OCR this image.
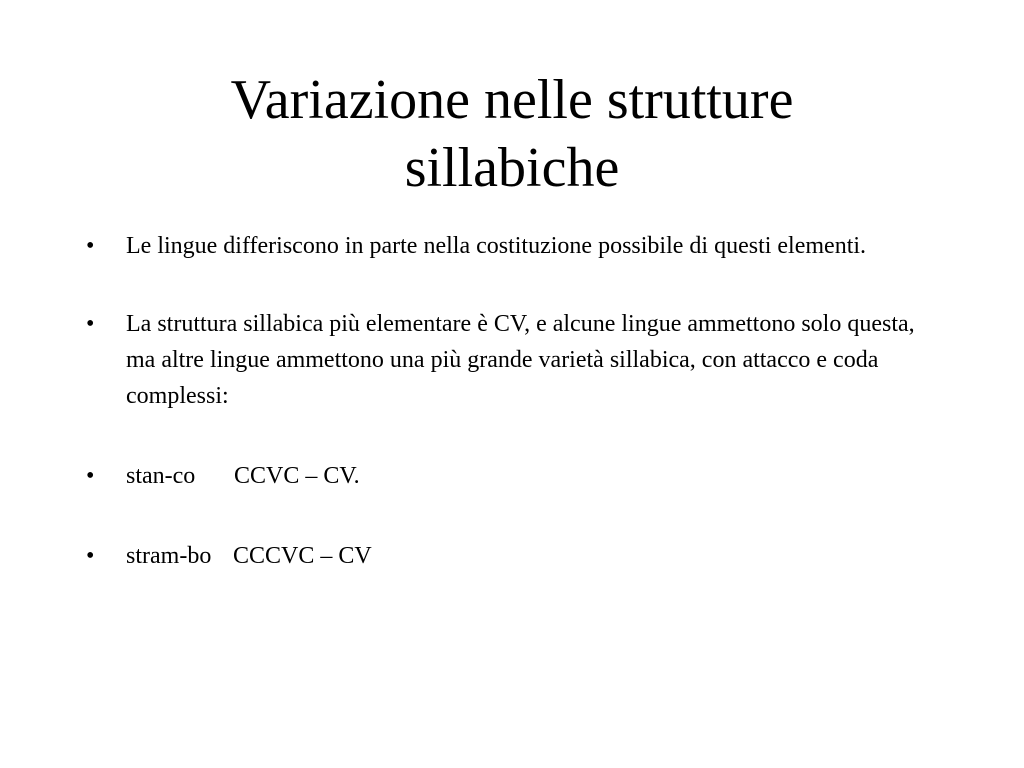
Variazione nelle strutture
sillabiche
• Le lingue differiscono in parte nella costituzione possibile di questi elementi.
• La struttura sillabica più elementare è CV, e alcune lingue ammettono solo questa, ma altre lingue ammettono una più grande varietà sillabica, con attacco e coda complessi:
• stan-co CCVC – CV.
• stram-bo CCCVC – CV
